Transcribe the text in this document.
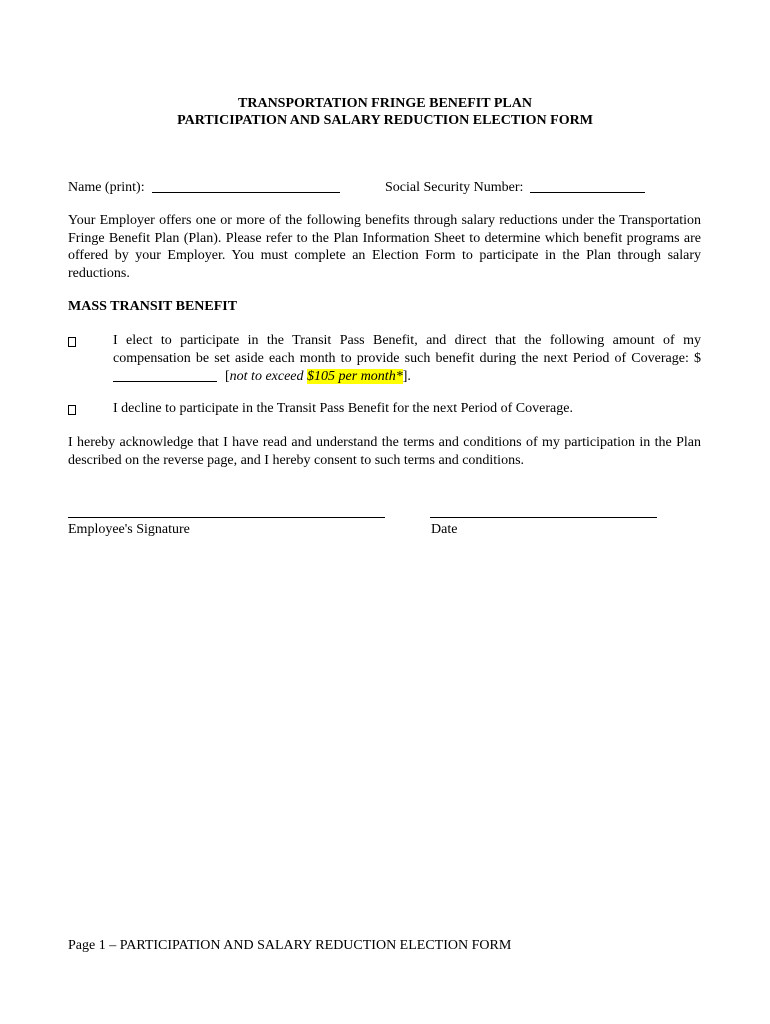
TRANSPORTATION FRINGE BENEFIT PLAN
PARTICIPATION AND SALARY REDUCTION ELECTION FORM
Name (print):	Social Security Number:

Your Employer offers one or more of the following benefits through salary reductions under the Transportation Fringe Benefit Plan (Plan). Please refer to the Plan Information Sheet to determine which benefit programs are offered by your Employer. You must complete an Election Form to participate in the Plan through salary reductions.

MASS TRANSIT BENEFIT

I elect to participate in the Transit Pass Benefit, and direct that the following amount of my compensation be set aside each month to provide such benefit during the next Period of Coverage: $[not to exceed $105 per month*].

I decline to participate in the Transit Pass Benefit for the next Period of Coverage.

I hereby acknowledge that I have read and understand the terms and conditions of my participation in the Plan described on the reverse page, and I hereby consent to such terms and conditions.

Employee's Signature	Date
Page 1 – PARTICIPATION AND SALARY REDUCTION ELECTION FORM
